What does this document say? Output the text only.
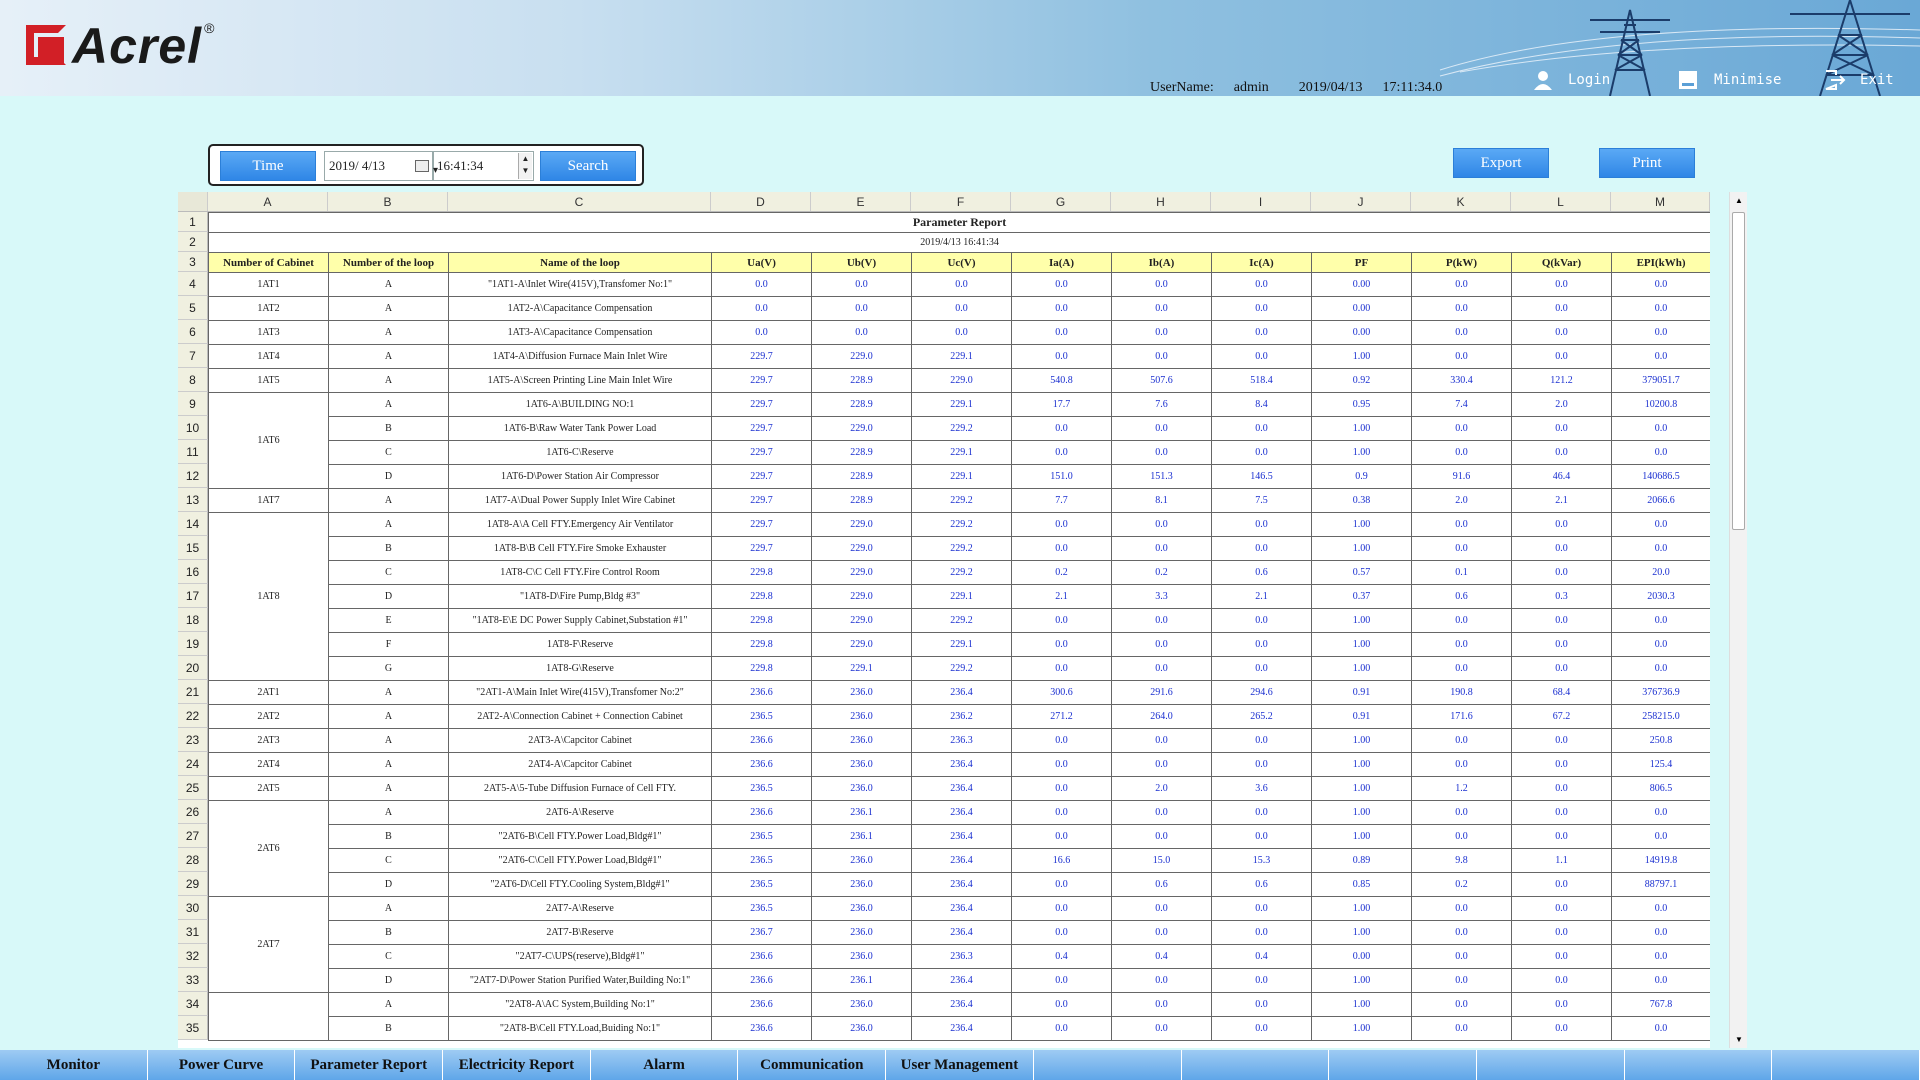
Acrel ®
UserName: admin 2019/04/13 17:11:34.0	Login	Minimise	Exit
Time	2019/ 4/13 ▾	16:41:34	▲
▼	Search	Export	Print
A	B	C	D	E	F	G	H	I	J	K	L	M
1
2
3
4
5
6
7
8
9
10
11
12
13
14
15
16
17
18
19
20
21
22
23
24
25
26
27
28
29
30
31
32
33
34
35
Parameter Report												
2019/4/13 16:41:34												
Number of Cabinet	Number of the loop	Name of the loop	Ua(V)	Ub(V)	Uc(V)	Ia(A)	Ib(A)	Ic(A)	PF	P(kW)	Q(kVar)	EPI(kWh)
1AT1	A	"1AT1-A\Inlet Wire(415V),Transfomer No:1"	0.0	0.0	0.0	0.0	0.0	0.0	0.00	0.0	0.0	0.0
1AT2	A	1AT2-A\Capacitance Compensation	0.0	0.0	0.0	0.0	0.0	0.0	0.00	0.0	0.0	0.0
1AT3	A	1AT3-A\Capacitance Compensation	0.0	0.0	0.0	0.0	0.0	0.0	0.00	0.0	0.0	0.0
1AT4	A	1AT4-A\Diffusion Furnace Main Inlet Wire	229.7	229.0	229.1	0.0	0.0	0.0	1.00	0.0	0.0	0.0
1AT5	A	1AT5-A\Screen Printing Line Main Inlet Wire	229.7	228.9	229.0	540.8	507.6	518.4	0.92	330.4	121.2	379051.7
1AT6	A	1AT6-A\BUILDING NO:1	229.7	228.9	229.1	17.7	7.6	8.4	0.95	7.4	2.0	10200.8
	B	1AT6-B\Raw Water Tank Power Load	229.7	229.0	229.2	0.0	0.0	0.0	1.00	0.0	0.0	0.0
	C	1AT6-C\Reserve	229.7	228.9	229.1	0.0	0.0	0.0	1.00	0.0	0.0	0.0
	D	1AT6-D\Power Station Air Compressor	229.7	228.9	229.1	151.0	151.3	146.5	0.9	91.6	46.4	140686.5
1AT7	A	1AT7-A\Dual Power Supply Inlet Wire Cabinet	229.7	228.9	229.2	7.7	8.1	7.5	0.38	2.0	2.1	2066.6
1AT8	A	1AT8-A\A Cell FTY.Emergency Air Ventilator	229.7	229.0	229.2	0.0	0.0	0.0	1.00	0.0	0.0	0.0
	B	1AT8-B\B Cell FTY.Fire Smoke Exhauster	229.7	229.0	229.2	0.0	0.0	0.0	1.00	0.0	0.0	0.0
	C	1AT8-C\C Cell FTY.Fire Control Room	229.8	229.0	229.2	0.2	0.2	0.6	0.57	0.1	0.0	20.0
	D	"1AT8-D\Fire Pump,Bldg #3"	229.8	229.0	229.1	2.1	3.3	2.1	0.37	0.6	0.3	2030.3
	E	"1AT8-E\E DC Power Supply Cabinet,Substation #1"	229.8	229.0	229.2	0.0	0.0	0.0	1.00	0.0	0.0	0.0
	F	1AT8-F\Reserve	229.8	229.0	229.1	0.0	0.0	0.0	1.00	0.0	0.0	0.0
	G	1AT8-G\Reserve	229.8	229.1	229.2	0.0	0.0	0.0	1.00	0.0	0.0	0.0
2AT1	A	"2AT1-A\Main Inlet Wire(415V),Transfomer No:2"	236.6	236.0	236.4	300.6	291.6	294.6	0.91	190.8	68.4	376736.9
2AT2	A	2AT2-A\Connection Cabinet + Connection Cabinet	236.5	236.0	236.2	271.2	264.0	265.2	0.91	171.6	67.2	258215.0
2AT3	A	2AT3-A\Capcitor Cabinet	236.6	236.0	236.3	0.0	0.0	0.0	1.00	0.0	0.0	250.8
2AT4	A	2AT4-A\Capcitor Cabinet	236.6	236.0	236.4	0.0	0.0	0.0	1.00	0.0	0.0	125.4
2AT5	A	2AT5-A\5-Tube Diffusion Furnace of Cell FTY.	236.5	236.0	236.4	0.0	2.0	3.6	1.00	1.2	0.0	806.5
2AT6	A	2AT6-A\Reserve	236.6	236.1	236.4	0.0	0.0	0.0	1.00	0.0	0.0	0.0
	B	"2AT6-B\Cell FTY.Power Load,Bldg#1"	236.5	236.1	236.4	0.0	0.0	0.0	1.00	0.0	0.0	0.0
	C	"2AT6-C\Cell FTY.Power Load,Bldg#1"	236.5	236.0	236.4	16.6	15.0	15.3	0.89	9.8	1.1	14919.8
	D	"2AT6-D\Cell FTY.Cooling System,Bldg#1"	236.5	236.0	236.4	0.0	0.6	0.6	0.85	0.2	0.0	88797.1
2AT7	A	2AT7-A\Reserve	236.5	236.0	236.4	0.0	0.0	0.0	1.00	0.0	0.0	0.0
	B	2AT7-B\Reserve	236.7	236.0	236.4	0.0	0.0	0.0	1.00	0.0	0.0	0.0
	C	"2AT7-C\UPS(reserve),Bldg#1"	236.6	236.0	236.3	0.4	0.4	0.4	0.00	0.0	0.0	0.0
	D	"2AT7-D\Power Station Purified Water,Building No:1"	236.6	236.1	236.4	0.0	0.0	0.0	1.00	0.0	0.0	0.0
	A	"2AT8-A\AC System,Building No:1"	236.6	236.0	236.4	0.0	0.0	0.0	1.00	0.0	0.0	767.8
	B	"2AT8-B\Cell FTY.Load,Buiding No:1"	236.6	236.0	236.4	0.0	0.0	0.0	1.00	0.0	0.0	0.0
▲
▼
Monitor	Power Curve	Parameter Report	Electricity Report	Alarm	Communication	User Management
